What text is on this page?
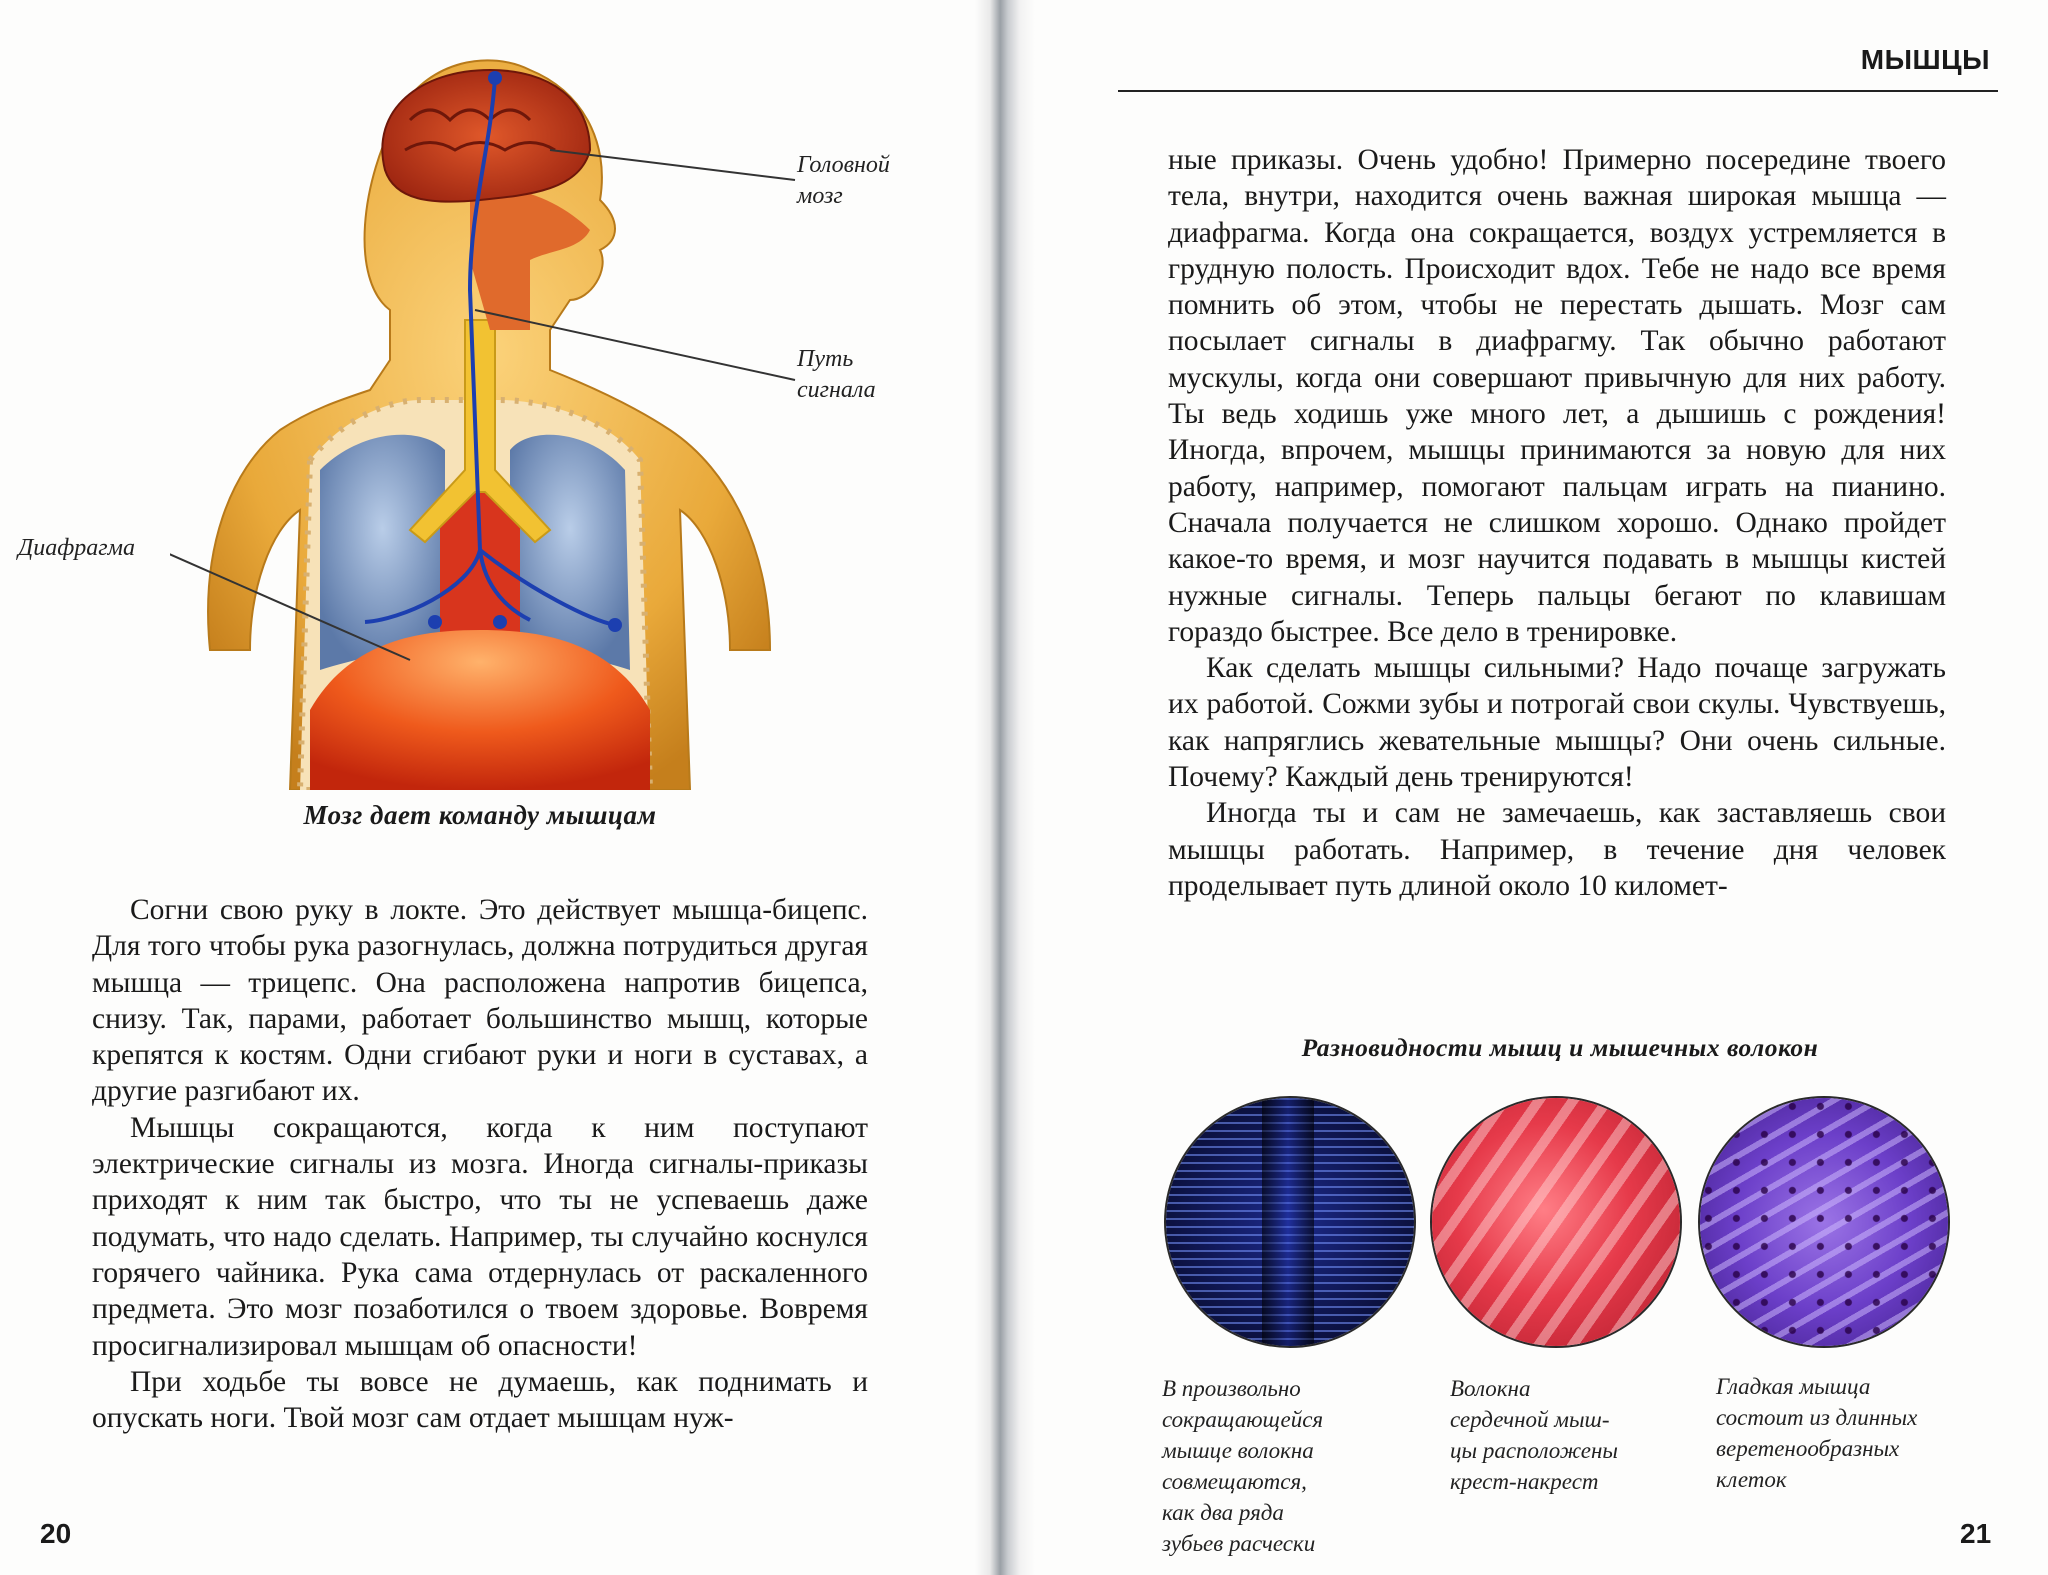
Головной
мозг
Путь
сигнала
Диафрагма
Мозг дает команду мышцам

Согни свою руку в локте. Это действует мышца-бицепс. Для того чтобы рука разогнулась, должна потрудиться другая мышца — трицепс. Она расположена напротив бицепса, снизу. Так, парами, работает большинство мышц, которые крепятся к костям. Одни сгибают руки и ноги в суставах, а другие разгибают их.

Мышцы сокращаются, когда к ним поступают электрические сигналы из мозга. Иногда сигналы-приказы приходят к ним так быстро, что ты не успеваешь даже подумать, что надо сделать. Например, ты случайно коснулся горячего чайника. Рука сама отдернулась от раскаленного предмета. Это мозг позаботился о твоем здоровье. Вовремя просигнализировал мышцам об опасности!

При ходьбе ты вовсе не думаешь, как поднимать и опускать ноги. Твой мозг сам отдает мышцам нуж-

20
МЫШЦЫ

ные приказы. Очень удобно! Примерно посередине твоего тела, внутри, находится очень важная широкая мышца — диафрагма. Когда она сокращается, воздух устремляется в грудную полость. Происходит вдох. Тебе не надо все время помнить об этом, чтобы не перестать дышать. Мозг сам посылает сигналы в диафрагму. Так обычно работают мускулы, когда они совершают привычную для них работу. Ты ведь ходишь уже много лет, а дышишь с рождения! Иногда, впрочем, мышцы принимаются за новую для них работу, например, помогают пальцам играть на пианино. Сначала получается не слишком хорошо. Однако пройдет какое-то время, и мозг научится подавать в мышцы кистей нужные сигналы. Теперь пальцы бегают по клавишам гораздо быстрее. Все дело в тренировке.

Как сделать мышцы сильными? Надо почаще загружать их работой. Сожми зубы и потрогай свои скулы. Чувствуешь, как напряглись жевательные мышцы? Они очень сильные. Почему? Каждый день тренируются!

Иногда ты и сам не замечаешь, как заставляешь свои мышцы работать. Например, в течение дня человек проделывает путь длиной около 10 километ-

Разновидности мышц и мышечных волокон
В произвольно
сокращающейся
мышце волокна
совмещаются,
как два ряда
зубьев расчески
Волокна
сердечной мыш-
цы расположены
крест-накрест
Гладкая мышца
состоит из длинных
веретенообразных
клеток
21
